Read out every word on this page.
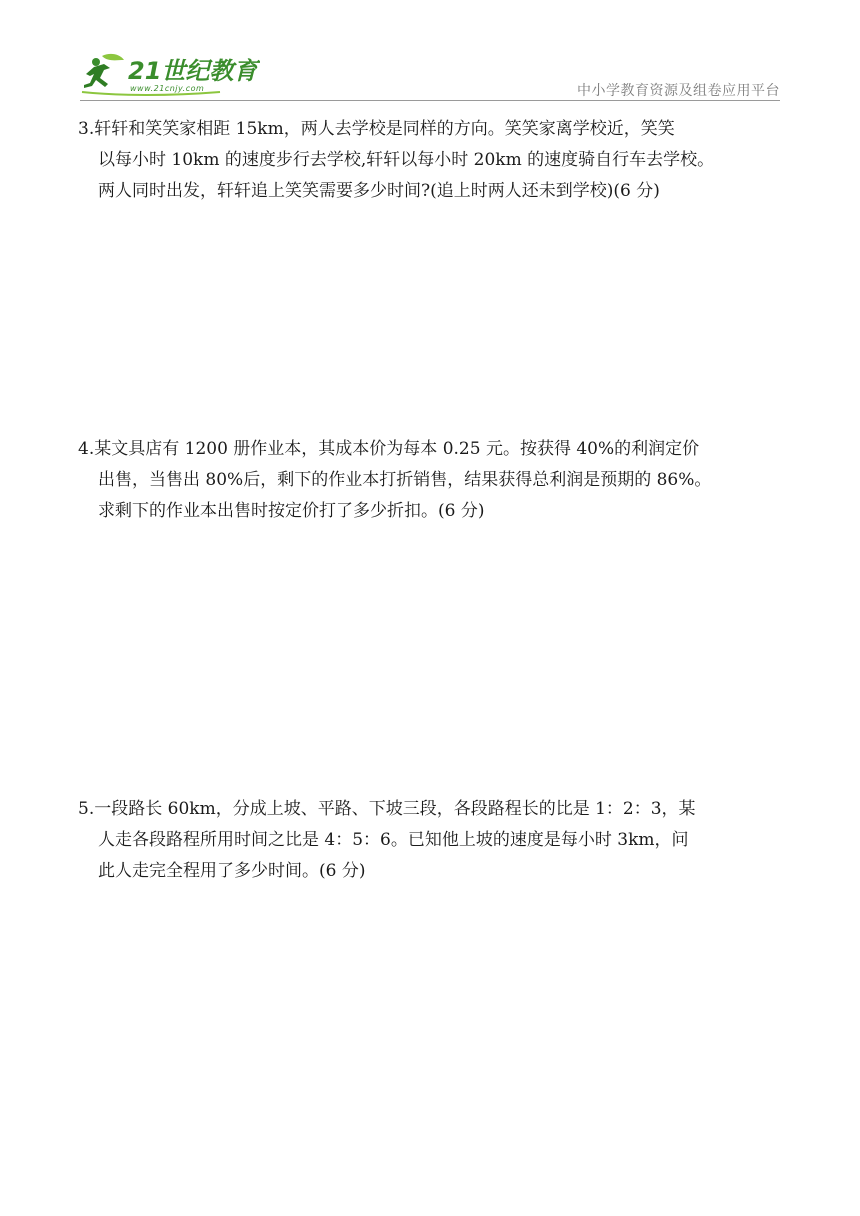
21世纪教育
www.21cnjy.com	中小学教育资源及组卷应用平台

3.轩轩和笑笑家相距 15km，两人去学校是同样的方向。笑笑家离学校近，笑笑

以每小时 10km 的速度步行去学校,轩轩以每小时 20km 的速度骑自行车去学校。

两人同时出发，轩轩追上笑笑需要多少时间?(追上时两人还未到学校)(6 分)

4.某文具店有 1200 册作业本，其成本价为每本 0.25 元。按获得 40%的利润定价

出售，当售出 80%后，剩下的作业本打折销售，结果获得总利润是预期的 86%。

求剩下的作业本出售时按定价打了多少折扣。(6 分)

5.一段路长 60km，分成上坡、平路、下坡三段，各段路程长的比是 1：2：3，某

人走各段路程所用时间之比是 4：5：6。已知他上坡的速度是每小时 3km，问

此人走完全程用了多少时间。(6 分)
